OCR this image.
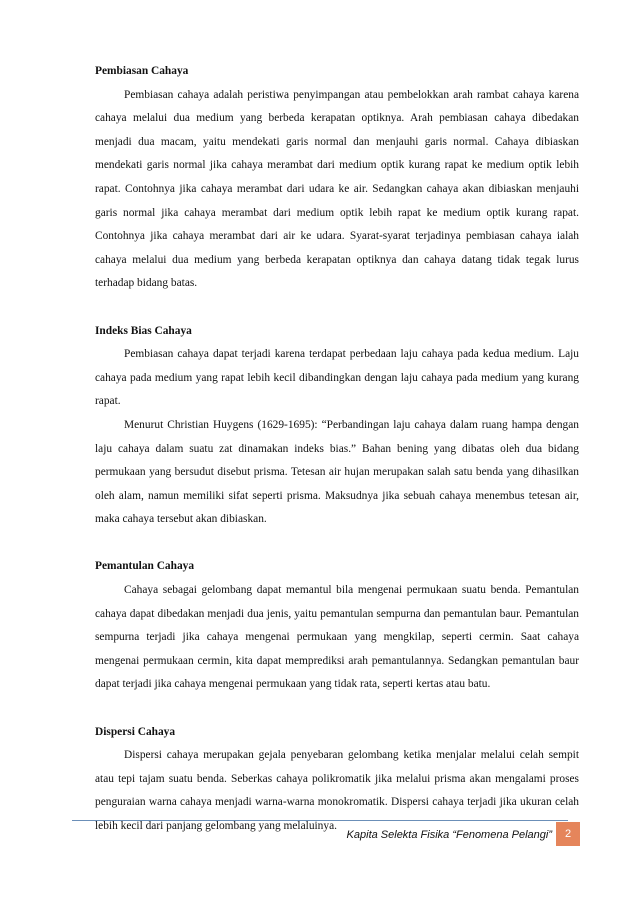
Pembiasan Cahaya

Pembiasan cahaya adalah peristiwa penyimpangan atau pembelokkan arah rambat cahaya karena cahaya melalui dua medium yang berbeda kerapatan optiknya. Arah pembiasan cahaya dibedakan menjadi dua macam, yaitu mendekati garis normal dan menjauhi garis normal. Cahaya dibiaskan mendekati garis normal jika cahaya merambat dari medium optik kurang rapat ke medium optik lebih rapat. Contohnya jika cahaya merambat dari udara ke air. Sedangkan cahaya akan dibiaskan menjauhi garis normal jika cahaya merambat dari medium optik lebih rapat ke medium optik kurang rapat. Contohnya jika cahaya merambat dari air ke udara. Syarat-syarat terjadinya pembiasan cahaya ialah cahaya melalui dua medium yang berbeda kerapatan optiknya dan cahaya datang tidak tegak lurus terhadap bidang batas.

Indeks Bias Cahaya

Pembiasan cahaya dapat terjadi karena terdapat perbedaan laju cahaya pada kedua medium. Laju cahaya pada medium yang rapat lebih kecil dibandingkan dengan laju cahaya pada medium yang kurang rapat.

Menurut Christian Huygens (1629-1695): “Perbandingan laju cahaya dalam ruang hampa dengan laju cahaya dalam suatu zat dinamakan indeks bias.” Bahan bening yang dibatas oleh dua bidang permukaan yang bersudut disebut prisma. Tetesan air hujan merupakan salah satu benda yang dihasilkan oleh alam, namun memiliki sifat seperti prisma. Maksudnya jika sebuah cahaya menembus tetesan air, maka cahaya tersebut akan dibiaskan.

Pemantulan Cahaya

Cahaya sebagai gelombang dapat memantul bila mengenai permukaan suatu benda. Pemantulan cahaya dapat dibedakan menjadi dua jenis, yaitu pemantulan sempurna dan pemantulan baur. Pemantulan sempurna terjadi jika cahaya mengenai permukaan yang mengkilap, seperti cermin. Saat cahaya mengenai permukaan cermin, kita dapat memprediksi arah pemantulannya. Sedangkan pemantulan baur dapat terjadi jika cahaya mengenai permukaan yang tidak rata, seperti kertas atau batu.

Dispersi Cahaya

Dispersi cahaya merupakan gejala penyebaran gelombang ketika menjalar melalui celah sempit atau tepi tajam suatu benda. Seberkas cahaya polikromatik jika melalui prisma akan mengalami proses penguraian warna cahaya menjadi warna-warna monokromatik. Dispersi cahaya terjadi jika ukuran celah lebih kecil dari panjang gelombang yang melaluinya.

Kapita Selekta Fisika “Fenomena Pelangi”	2
